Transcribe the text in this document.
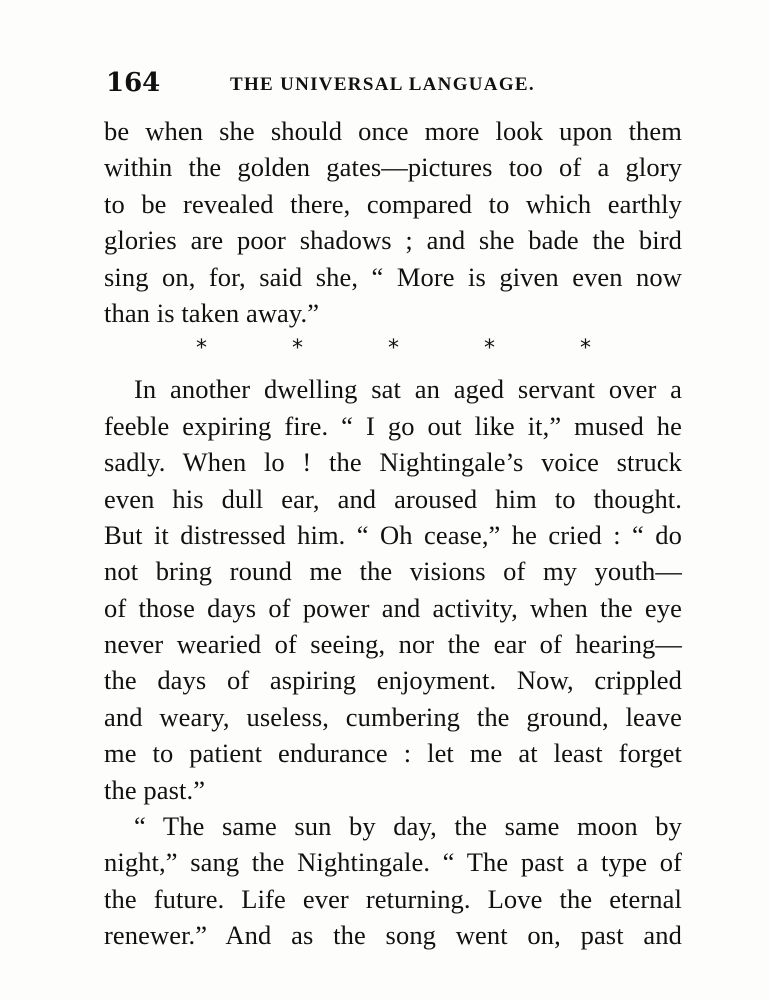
164	THE UNIVERSAL LANGUAGE.
be when she should once more look upon them
within the golden gates—pictures too of a glory
to be revealed there, compared to which earthly
glories are poor shadows ; and she bade the bird
sing on, for, said she, “ More is given even now
than is taken away.”
*	*	*	*	*
In another dwelling sat an aged servant over a
feeble expiring fire. “ I go out like it,” mused he
sadly. When lo ! the Nightingale’s voice struck
even his dull ear, and aroused him to thought.
But it distressed him. “ Oh cease,” he cried : “ do
not bring round me the visions of my youth—
of those days of power and activity, when the eye
never wearied of seeing, nor the ear of hearing—
the days of aspiring enjoyment. Now, crippled
and weary, useless, cumbering the ground, leave
me to patient endurance : let me at least forget
the past.”
“ The same sun by day, the same moon by
night,” sang the Nightingale. “ The past a type of
the future. Life ever returning. Love the eternal
renewer.” And as the song went on, past and
